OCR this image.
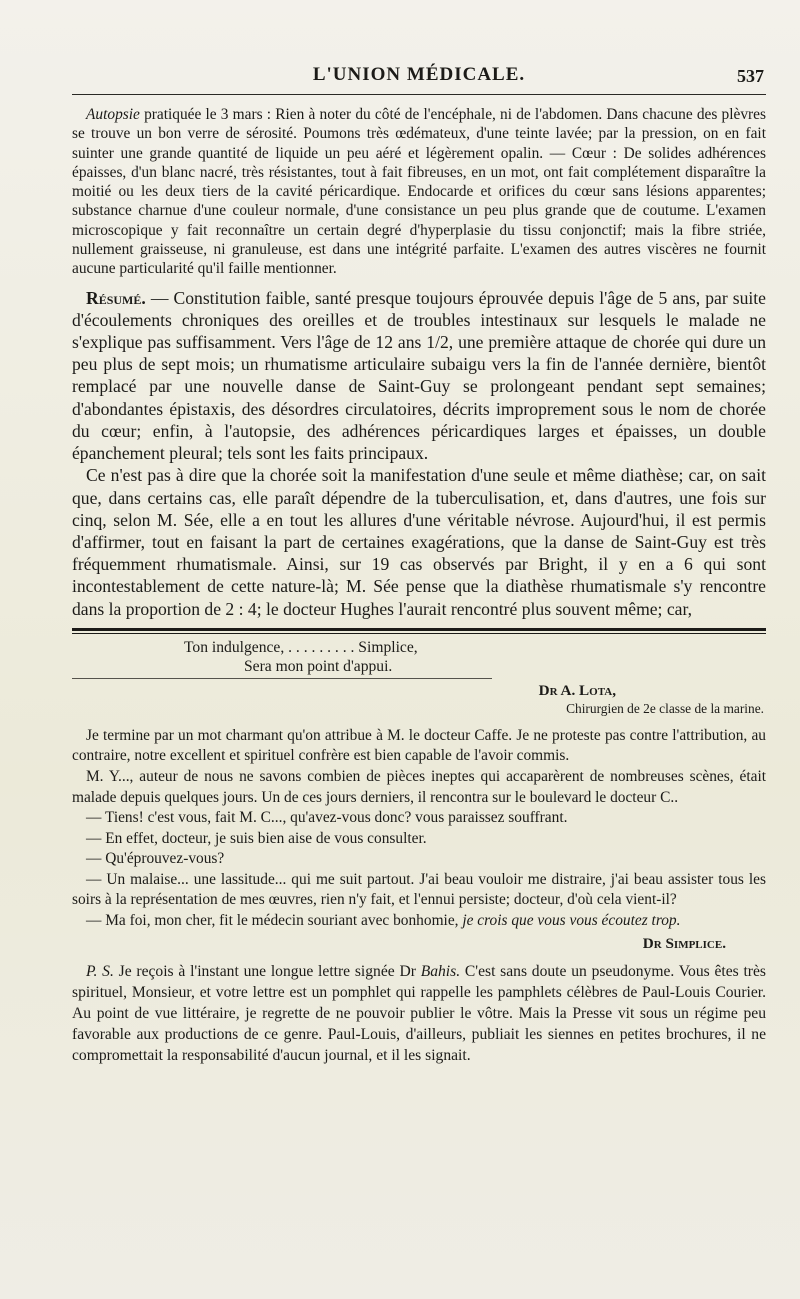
L'UNION MÉDICALE.	537

Autopsie pratiquée le 3 mars : Rien à noter du côté de l'encéphale, ni de l'abdomen. Dans chacune des plèvres se trouve un bon verre de sérosité. Poumons très œdémateux, d'une teinte lavée; par la pression, on en fait suinter une grande quantité de liquide un peu aéré et légèrement opalin. — Cœur : De solides adhérences épaisses, d'un blanc nacré, très résistantes, tout à fait fibreuses, en un mot, ont fait complétement disparaître la moitié ou les deux tiers de la cavité péricardique. Endocarde et orifices du cœur sans lésions apparentes; substance charnue d'une couleur normale, d'une consistance un peu plus grande que de coutume. L'examen microscopique y fait reconnaître un certain degré d'hyperplasie du tissu conjonctif; mais la fibre striée, nullement graisseuse, ni granuleuse, est dans une intégrité parfaite. L'examen des autres viscères ne fournit aucune particularité qu'il faille mentionner.

Résumé. — Constitution faible, santé presque toujours éprouvée depuis l'âge de 5 ans, par suite d'écoulements chroniques des oreilles et de troubles intestinaux sur lesquels le malade ne s'explique pas suffisamment. Vers l'âge de 12 ans 1/2, une première attaque de chorée qui dure un peu plus de sept mois; un rhumatisme articulaire subaigu vers la fin de l'année dernière, bientôt remplacé par une nouvelle danse de Saint-Guy se prolongeant pendant sept semaines; d'abondantes épistaxis, des désordres circulatoires, décrits improprement sous le nom de chorée du cœur; enfin, à l'autopsie, des adhérences péricardiques larges et épaisses, un double épanchement pleural; tels sont les faits principaux.

Ce n'est pas à dire que la chorée soit la manifestation d'une seule et même diathèse; car, on sait que, dans certains cas, elle paraît dépendre de la tuberculisation, et, dans d'autres, une fois sur cinq, selon M. Sée, elle a en tout les allures d'une véritable névrose. Aujourd'hui, il est permis d'affirmer, tout en faisant la part de certaines exagérations, que la danse de Saint-Guy est très fréquemment rhumatismale. Ainsi, sur 19 cas observés par Bright, il y en a 6 qui sont incontestablement de cette nature-là; M. Sée pense que la diathèse rhumatismale s'y rencontre dans la proportion de 2 : 4; le docteur Hughes l'aurait rencontré plus souvent même; car,

Ton indulgence, . . . . . . . . . Simplice,
Sera mon point d'appui.
Dr A. Lota,
Chirurgien de 2e classe de la marine.

Je termine par un mot charmant qu'on attribue à M. le docteur Caffe. Je ne proteste pas contre l'attribution, au contraire, notre excellent et spirituel confrère est bien capable de l'avoir commis.

M. Y..., auteur de nous ne savons combien de pièces ineptes qui accaparèrent de nombreuses scènes, était malade depuis quelques jours. Un de ces jours derniers, il rencontra sur le boulevard le docteur C..

— Tiens! c'est vous, fait M. C..., qu'avez-vous donc? vous paraissez souffrant.

— En effet, docteur, je suis bien aise de vous consulter.

— Qu'éprouvez-vous?

— Un malaise... une lassitude... qui me suit partout. J'ai beau vouloir me distraire, j'ai beau assister tous les soirs à la représentation de mes œuvres, rien n'y fait, et l'ennui persiste; docteur, d'où cela vient-il?

— Ma foi, mon cher, fit le médecin souriant avec bonhomie, je crois que vous vous écoutez trop.

Dr Simplice.

P. S. Je reçois à l'instant une longue lettre signée Dr Bahis. C'est sans doute un pseudonyme. Vous êtes très spirituel, Monsieur, et votre lettre est un pomphlet qui rappelle les pamphlets célèbres de Paul-Louis Courier. Au point de vue littéraire, je regrette de ne pouvoir publier le vôtre. Mais la Presse vit sous un régime peu favorable aux productions de ce genre. Paul-Louis, d'ailleurs, publiait les siennes en petites brochures, il ne compromettait la responsabilité d'aucun journal, et il les signait.
